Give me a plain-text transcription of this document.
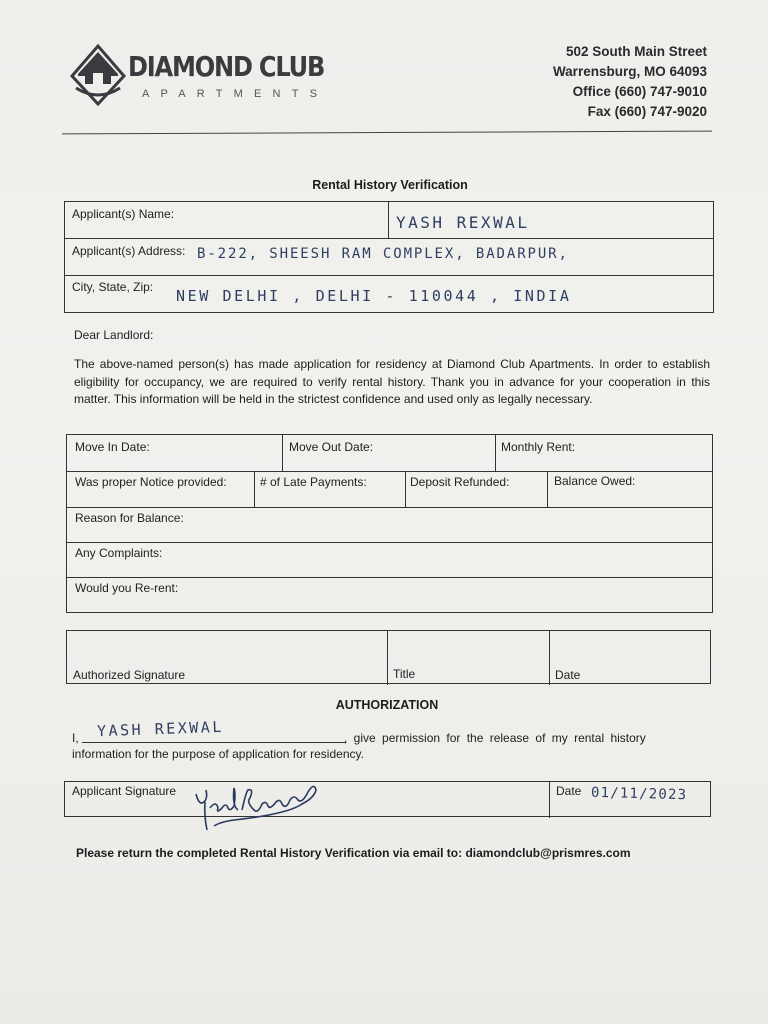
DIAMOND CLUB
APARTMENTS
502 South Main Street
Warrensburg, MO 64093
Office (660) 747-9010
Fax (660) 747-9020
Rental History Verification
Applicant(s) Name:	YASH REXWAL
Applicant(s) Address: B-222, SHEESH RAM COMPLEX, BADARPUR,
City, State, Zip: NEW DELHI , DELHI - 110044 , INDIA
Dear Landlord:
The above-named person(s) has made application for residency at Diamond Club Apartments. In order to establish eligibility for occupancy, we are required to verify rental history. Thank you in advance for your cooperation in this matter. This information will be held in the strictest confidence and used only as legally necessary.
Move In Date:	Move Out Date:	Monthly Rent:
Was proper Notice provided:	# of Late Payments:	Deposit Refunded:	Balance Owed:
Reason for Balance:
Any Complaints:
Would you Re-rent:
Authorized Signature	Title	Date
AUTHORIZATION
I, YASH REXWAL	, give permission for the release of my rental history
information for the purpose of application for residency.
Applicant Signature	Date 01/11/2023
Please return the completed Rental History Verification via email to: diamondclub@prismres.com
